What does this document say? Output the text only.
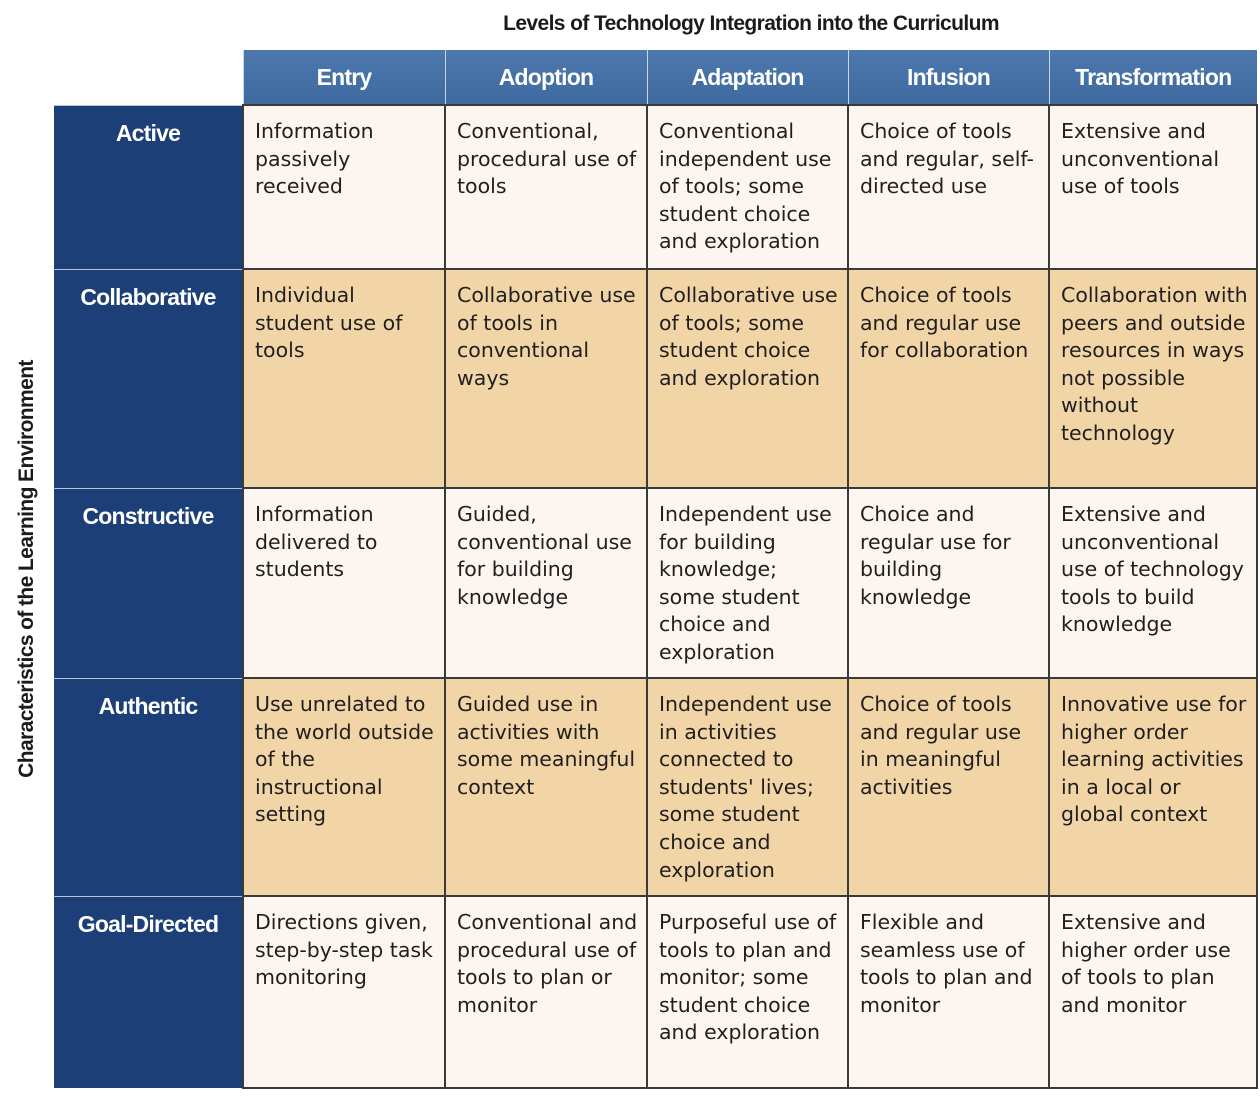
Levels of Technology Integration into the Curriculum
Characteristics of the Learning Environment
	Entry	Adoption	Adaptation	Infusion	Transformation
Active	Information passively received	Conventional, procedural use of tools	Conventional independent use of tools; some student choice and exploration	Choice of tools and regular, self-directed use	Extensive and unconventional use of tools
Collaborative	Individual student use of tools	Collaborative use of tools in conventional ways	Collaborative use of tools; some student choice and exploration	Choice of tools and regular use for collaboration	Collaboration with peers and outside resources in ways not possible without technology
Constructive	Information delivered to students	Guided, conventional use for building knowledge	Independent use for building knowledge; some student choice and exploration	Choice and regular use for building knowledge	Extensive and unconventional use of technology tools to build knowledge
Authentic	Use unrelated to the world outside of the instructional setting	Guided use in activities with some meaningful context	Independent use in activities connected to students' lives; some student choice and exploration	Choice of tools and regular use in meaningful activities	Innovative use for higher order learning activities in a local or global context
Goal-Directed	Directions given, step-by-step task monitoring	Conventional and procedural use of tools to plan or monitor	Purposeful use of tools to plan and monitor; some student choice and exploration	Flexible and seamless use of tools to plan and monitor	Extensive and higher order use of tools to plan and monitor
